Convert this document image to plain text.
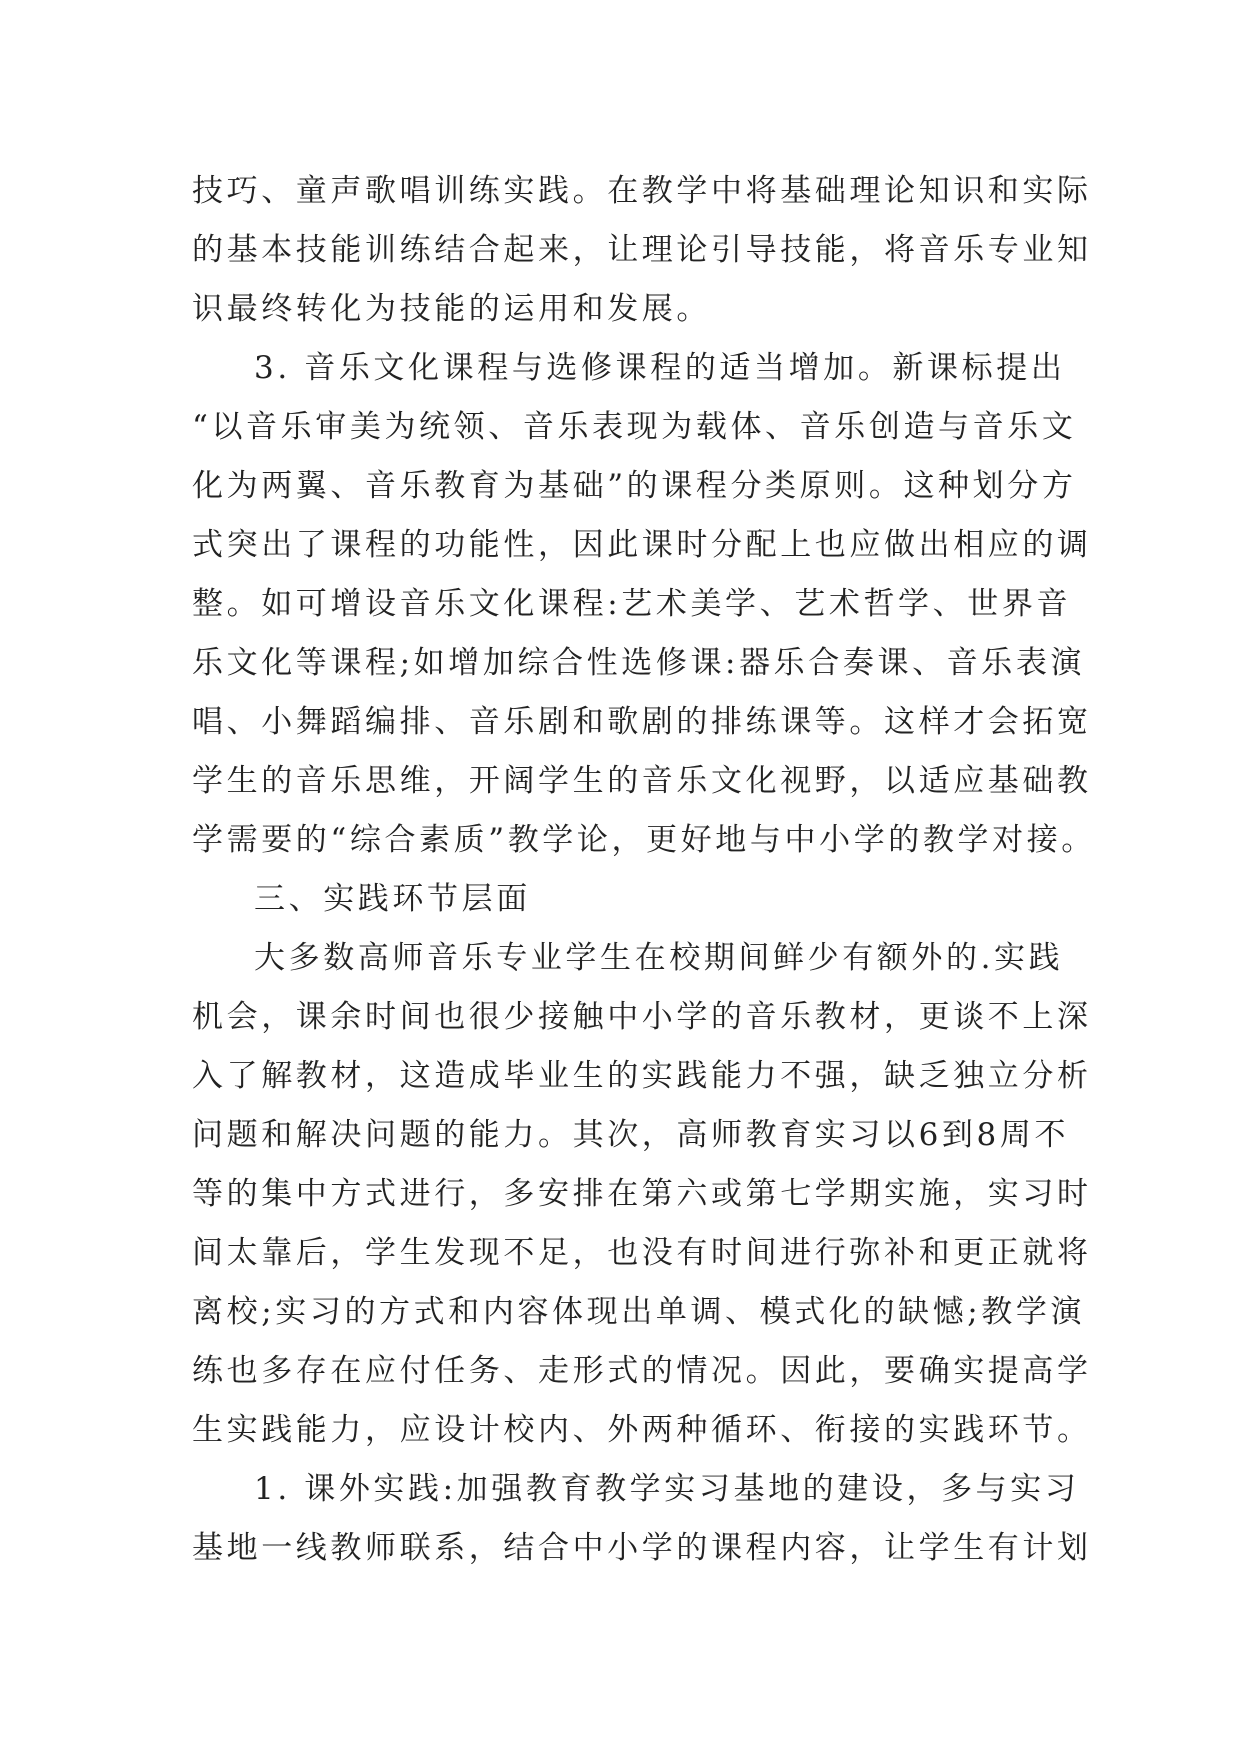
技巧、童声歌唱训练实践。在教学中将基础理论知识和实际
的基本技能训练结合起来，让理论引导技能，将音乐专业知
识最终转化为技能的运用和发展。
3. 音乐文化课程与选修课程的适当增加。新课标提出
“以音乐审美为统领、音乐表现为载体、音乐创造与音乐文
化为两翼、音乐教育为基础”的课程分类原则。这种划分方
式突出了课程的功能性，因此课时分配上也应做出相应的调
整。如可增设音乐文化课程:艺术美学、艺术哲学、世界音
乐文化等课程;如增加综合性选修课:器乐合奏课、音乐表演
唱、小舞蹈编排、音乐剧和歌剧的排练课等。这样才会拓宽
学生的音乐思维，开阔学生的音乐文化视野，以适应基础教
学需要的“综合素质”教学论，更好地与中小学的教学对接。
三、实践环节层面
大多数高师音乐专业学生在校期间鲜少有额外的.实践
机会，课余时间也很少接触中小学的音乐教材，更谈不上深
入了解教材，这造成毕业生的实践能力不强，缺乏独立分析
问题和解决问题的能力。其次，高师教育实习以6到8周不
等的集中方式进行，多安排在第六或第七学期实施，实习时
间太靠后，学生发现不足，也没有时间进行弥补和更正就将
离校;实习的方式和内容体现出单调、模式化的缺憾;教学演
练也多存在应付任务、走形式的情况。因此，要确实提高学
生实践能力，应设计校内、外两种循环、衔接的实践环节。
1. 课外实践:加强教育教学实习基地的建设，多与实习
基地一线教师联系，结合中小学的课程内容，让学生有计划
